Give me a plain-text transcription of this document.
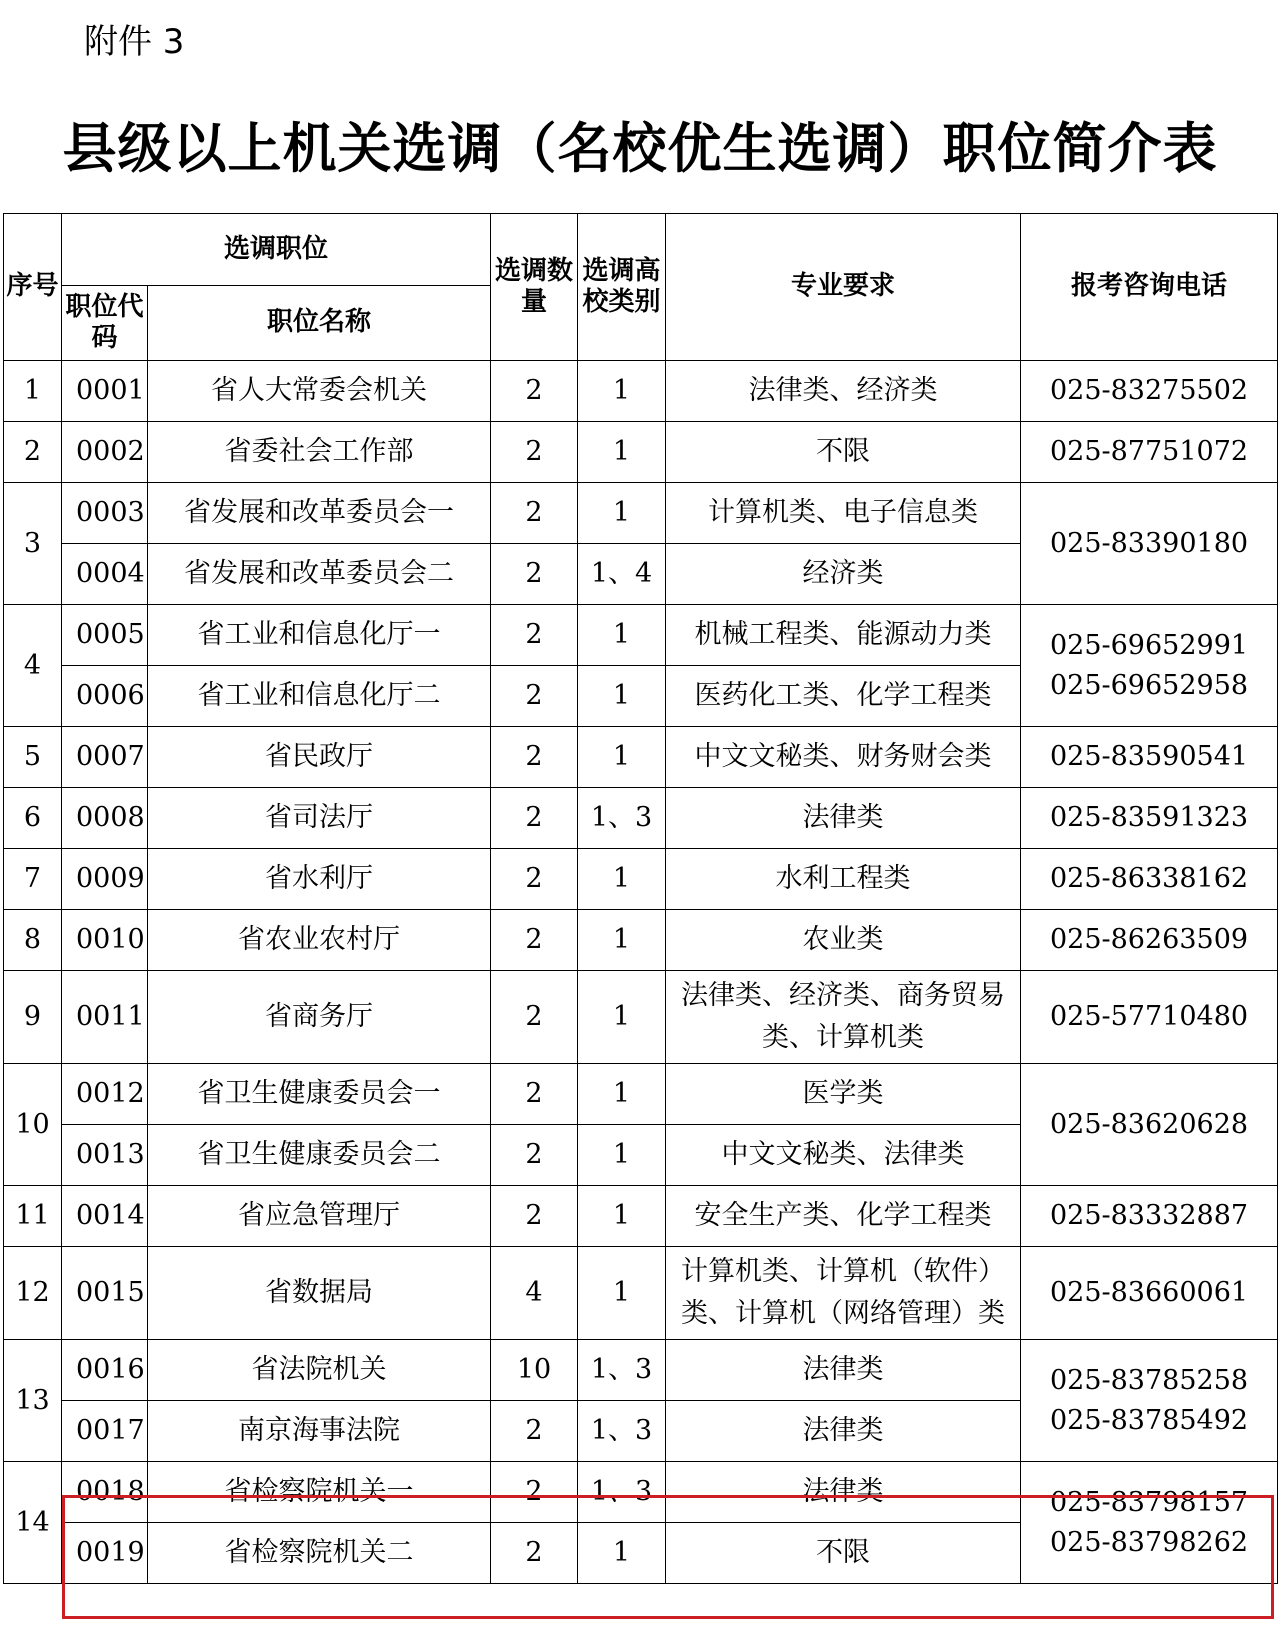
附件 3
县级以上机关选调（名校优生选调）职位简介表
序号	选调职位		选调数量	选调高校类别	专业要求	报考咨询电话
	职位代码	职位名称				
1	0001	省人大常委会机关	2	1	法律类、经济类	025-83275502

2	0002	省委社会工作部	2	1	不限	025-87751072

3	0003	省发展和改革委员会一	2	1	计算机类、电子信息类	025-83390180

	0004	省发展和改革委员会二	2	1、4	经济类	
4	0005	省工业和信息化厅一	2	1	机械工程类、能源动力类	025-69652991
025-69652958

	0006	省工业和信息化厅二	2	1	医药化工类、化学工程类	
5	0007	省民政厅	2	1	中文文秘类、财务财会类	025-83590541

6	0008	省司法厅	2	1、3	法律类	025-83591323

7	0009	省水利厅	2	1	水利工程类	025-86338162

8	0010	省农业农村厅	2	1	农业类	025-86263509

9	0011	省商务厅	2	1	法律类、经济类、商务贸易类、计算机类	025-57710480

10	0012	省卫生健康委员会一	2	1	医学类	025-83620628

	0013	省卫生健康委员会二	2	1	中文文秘类、法律类	
11	0014	省应急管理厅	2	1	安全生产类、化学工程类	025-83332887

12	0015	省数据局	4	1	计算机类、计算机（软件）类、计算机（网络管理）类	025-83660061

13	0016	省法院机关	10	1、3	法律类	025-83785258
025-83785492

	0017	南京海事法院	2	1、3	法律类	
14	0018	省检察院机关一	2	1、3	法律类	025-83798157
025-83798262

	0019	省检察院机关二	2	1	不限	
